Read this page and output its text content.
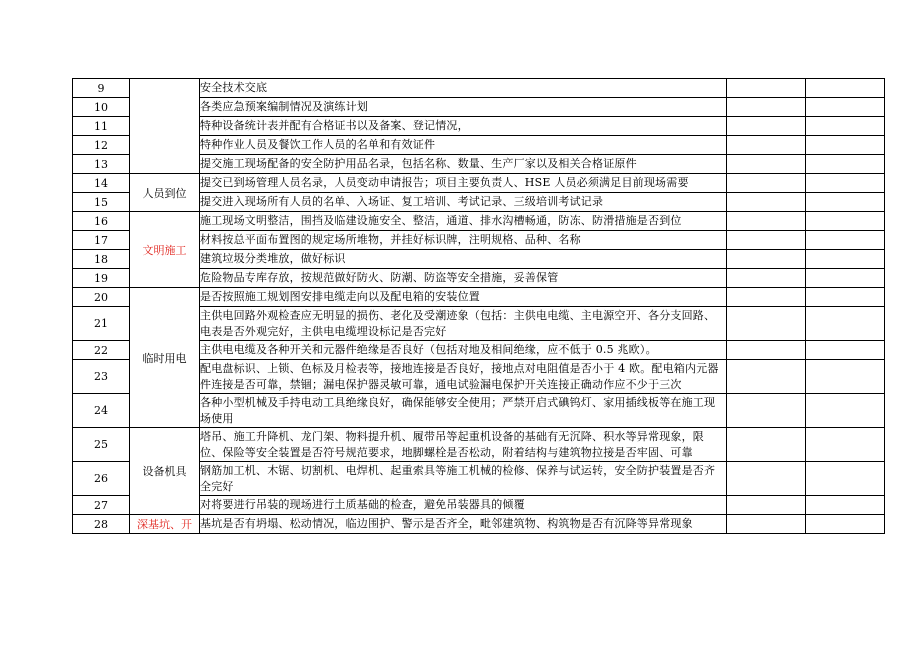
9		安全技术交底		
10		各类应急预案编制情况及演练计划		
11		特种设备统计表并配有合格证书以及备案、登记情况，		
12		特种作业人员及餐饮工作人员的名单和有效证件		
13		提交施工现场配备的安全防护用品名录，包括名称、数量、生产厂家以及相关合格证原件		
14	人员到位	提交已到场管理人员名录，人员变动申请报告；项目主要负责人、HSE 人员必须满足目前现场需要		
15		提交进入现场所有人员的名单、入场证、复工培训、考试记录、三级培训考试记录		
16	文明施工	施工现场文明整洁，围挡及临建设施安全、整洁，通道、排水沟槽畅通，防冻、防滑措施是否到位		
17		材料按总平面布置图的规定场所堆物，并挂好标识牌，注明规格、品种、名称		
18		建筑垃圾分类堆放，做好标识		
19		危险物品专库存放，按规范做好防火、防潮、防盗等安全措施，妥善保管		
20	临时用电	是否按照施工规划图安排电缆走向以及配电箱的安装位置		
21		主供电回路外观检查应无明显的损伤、老化及受潮迹象（包括：主供电电缆、主电源空开、各分支回路、电表是否外观完好，主供电电缆埋设标记是否完好		
22		主供电电缆及各种开关和元器件绝缘是否良好（包括对地及相间绝缘，应不低于 0.5 兆欧）。		
23		配电盘标识、上锁、色标及月检表等，接地连接是否良好，接地点对电阻值是否小于 4 欧。配电箱内元器件连接是否可靠，禁锢；漏电保护器灵敏可靠，通电试验漏电保护开关连接正确动作应不少于三次		
24		各种小型机械及手持电动工具绝缘良好，确保能够安全使用；严禁开启式碘钨灯、家用插线板等在施工现场使用		
25	设备机具	塔吊、施工升降机、龙门架、物料提升机、履带吊等起重机设备的基础有无沉降、积水等异常现象，限位、保险等安全装置是否符号规范要求，地脚螺栓是否松动，附着结构与建筑物拉接是否牢固、可靠		
26		钢筋加工机、木锯、切割机、电焊机、起重索具等施工机械的检修、保养与试运转，安全防护装置是否齐全完好		
27		对将要进行吊装的现场进行土质基础的检查，避免吊装器具的倾覆		
28	深基坑、开	基坑是否有坍塌、松动情况，临边围护、警示是否齐全，毗邻建筑物、构筑物是否有沉降等异常现象		
